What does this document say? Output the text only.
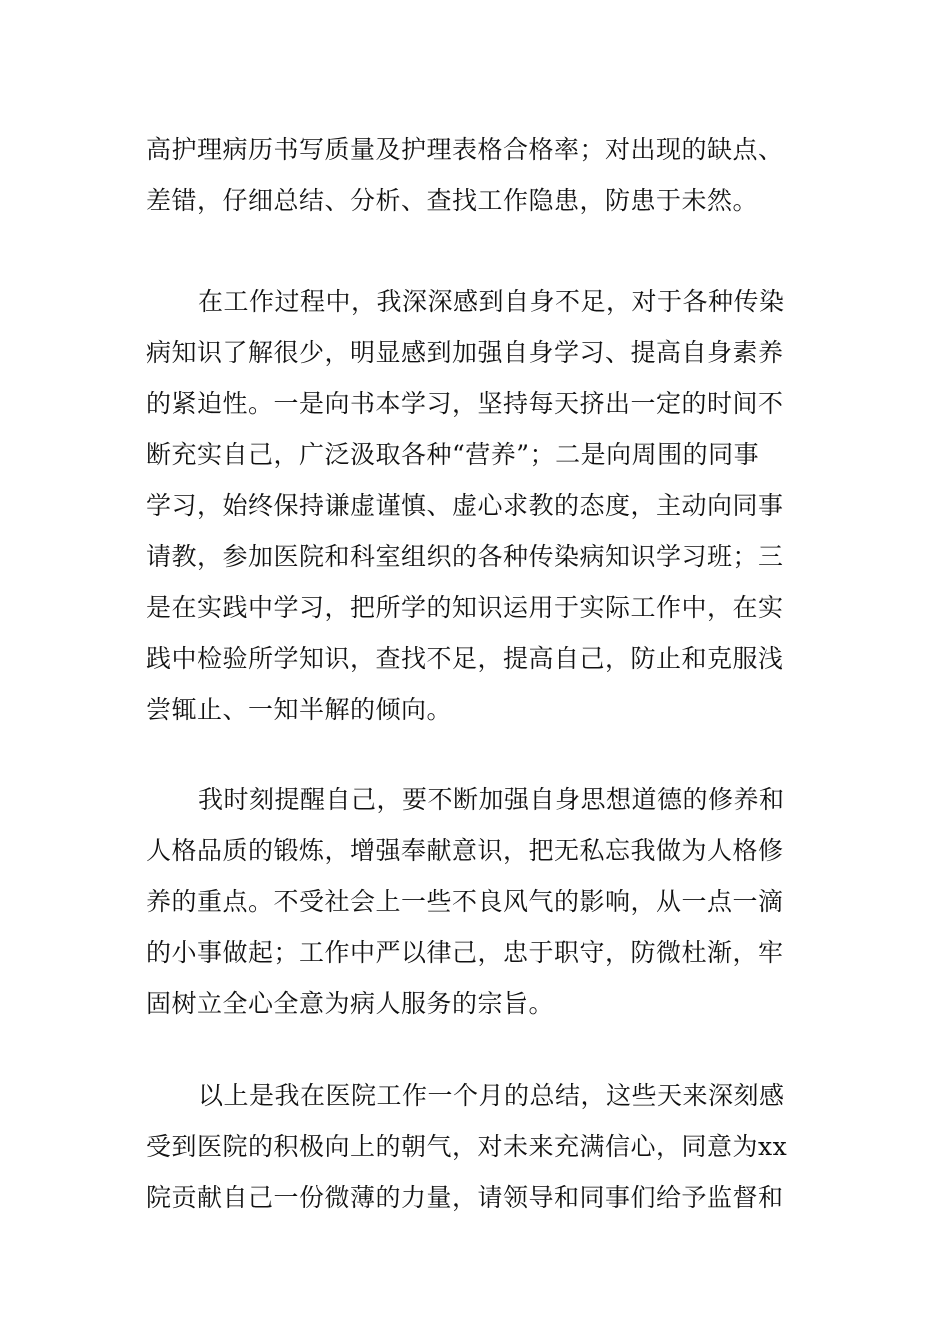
高护理病历书写质量及护理表格合格率；对出现的缺点、
差错，仔细总结、分析、查找工作隐患，防患于未然。
在工作过程中，我深深感到自身不足，对于各种传染
病知识了解很少，明显感到加强自身学习、提高自身素养
的紧迫性。一是向书本学习，坚持每天挤出一定的时间不
断充实自己，广泛汲取各种“营养”；二是向周围的同事
学习，始终保持谦虚谨慎、虚心求教的态度，主动向同事
请教，参加医院和科室组织的各种传染病知识学习班；三
是在实践中学习，把所学的知识运用于实际工作中，在实
践中检验所学知识，查找不足，提高自己，防止和克服浅
尝辄止、一知半解的倾向。
我时刻提醒自己，要不断加强自身思想道德的修养和
人格品质的锻炼，增强奉献意识，把无私忘我做为人格修
养的重点。不受社会上一些不良风气的影响，从一点一滴
的小事做起；工作中严以律己，忠于职守，防微杜渐，牢
固树立全心全意为病人服务的宗旨。
以上是我在医院工作一个月的总结，这些天来深刻感
受到医院的积极向上的朝气，对未来充满信心，同意为xx
院贡献自己一份微薄的力量，请领导和同事们给予监督和
